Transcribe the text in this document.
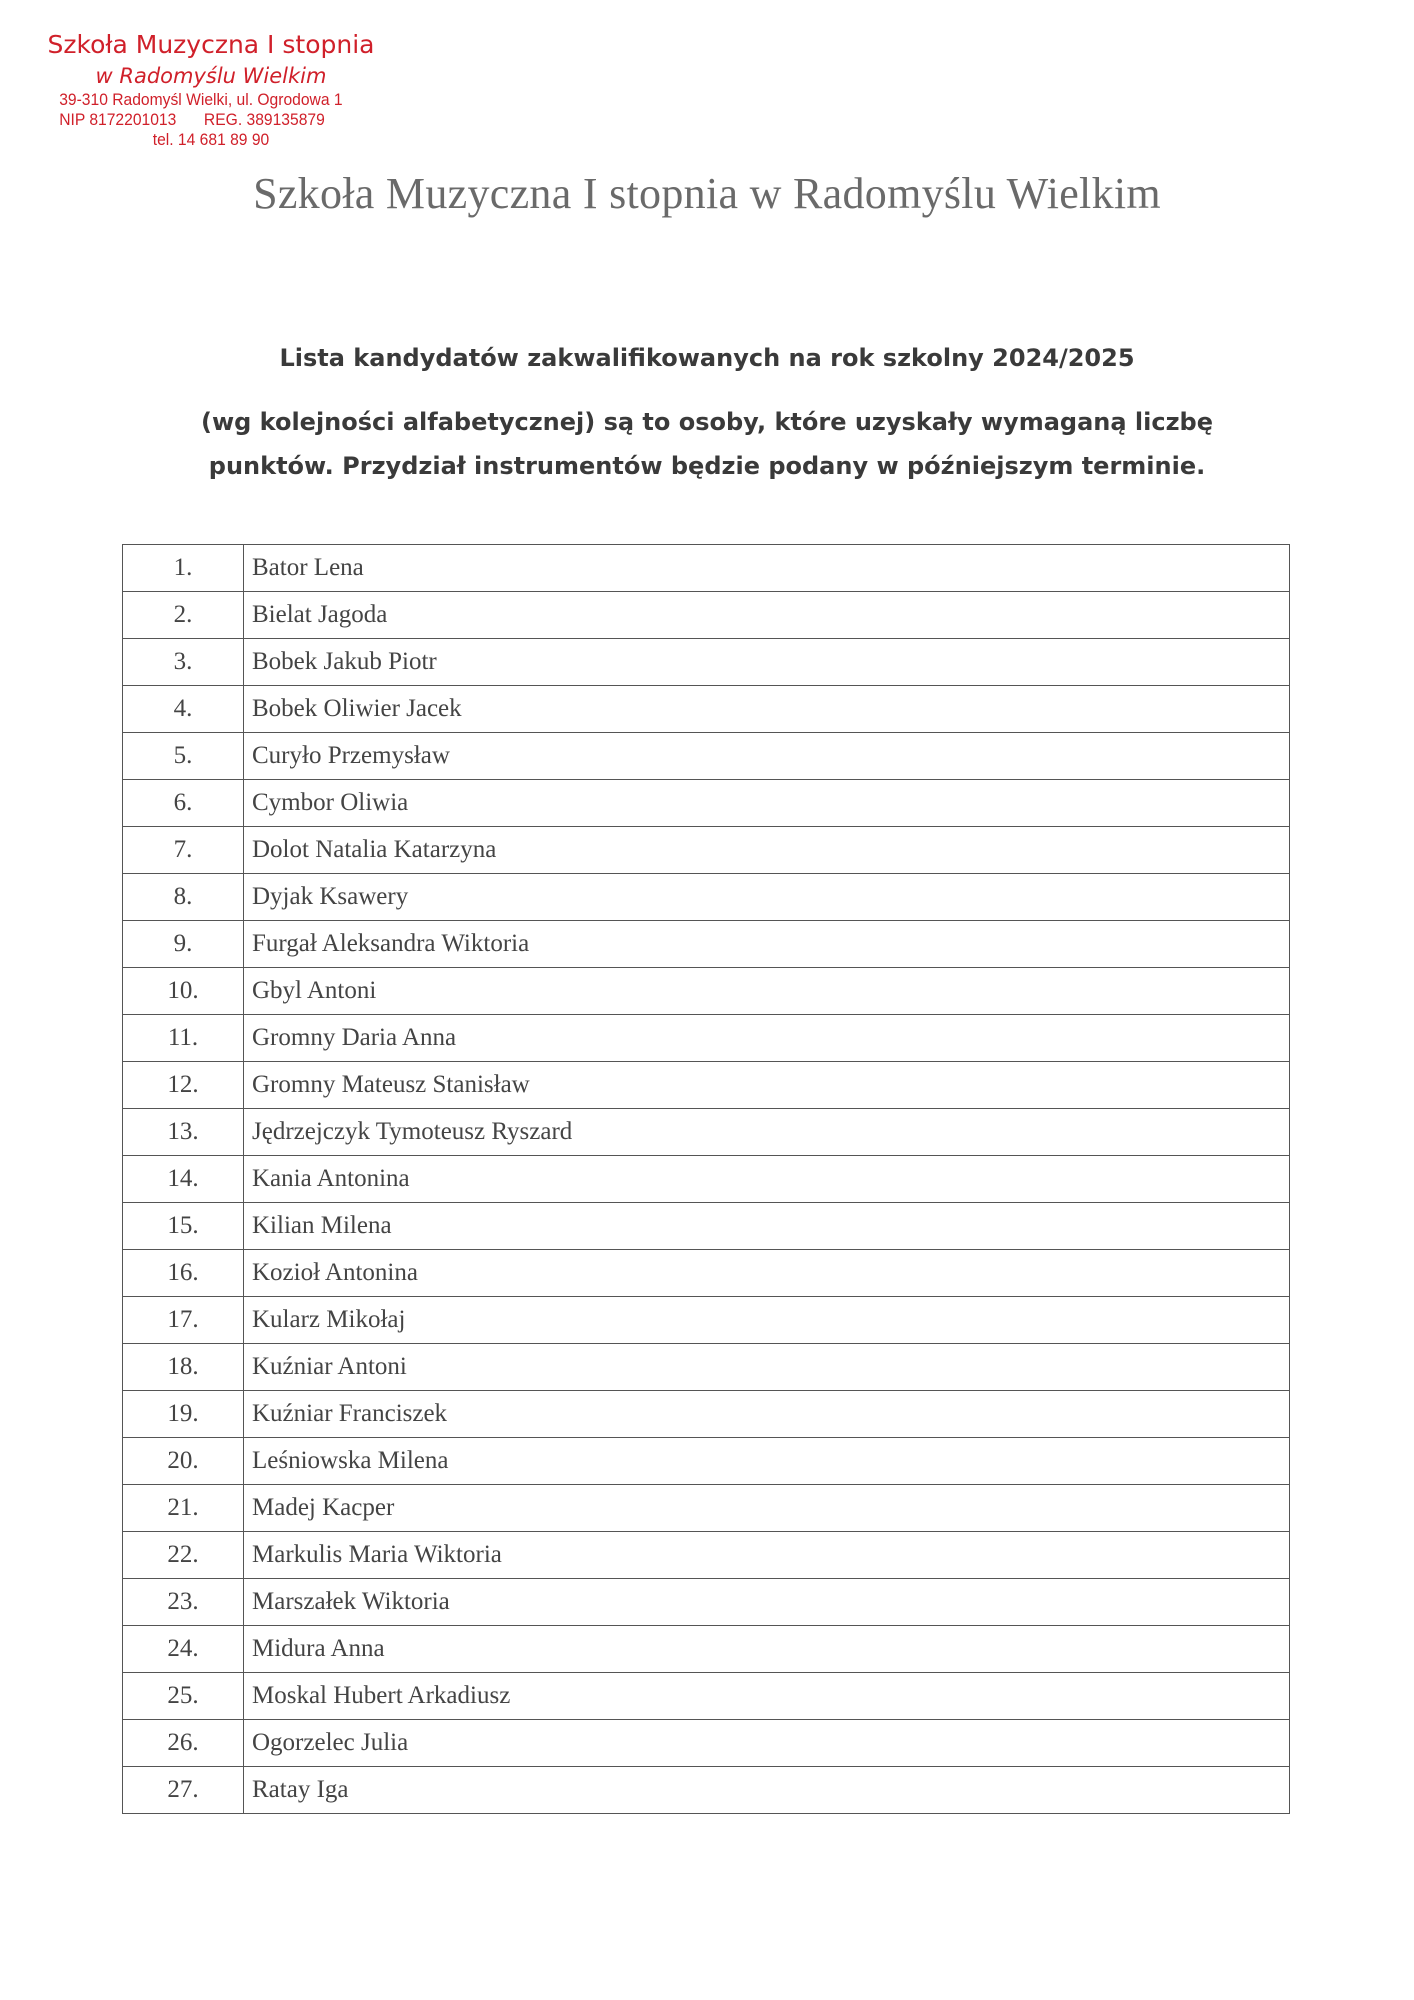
Szkoła Muzyczna I stopnia
w Radomyślu Wielkim
39-310 Radomyśl Wielki, ul. Ogrodowa 1
NIP 8172201013 REG. 389135879
tel. 14 681 89 90
Szkoła Muzyczna I stopnia w Radomyślu Wielkim
Lista kandydatów zakwalifikowanych na rok szkolny 2024/2025
(wg kolejności alfabetycznej) są to osoby, które uzyskały wymaganą liczbę
punktów. Przydział instrumentów będzie podany w późniejszym terminie.
1.	Bator Lena
2.	Bielat Jagoda
3.	Bobek Jakub Piotr
4.	Bobek Oliwier Jacek
5.	Curyło Przemysław
6.	Cymbor Oliwia
7.	Dolot Natalia Katarzyna
8.	Dyjak Ksawery
9.	Furgał Aleksandra Wiktoria
10.	Gbyl Antoni
11.	Gromny Daria Anna
12.	Gromny Mateusz Stanisław
13.	Jędrzejczyk Tymoteusz Ryszard
14.	Kania Antonina
15.	Kilian Milena
16.	Kozioł Antonina
17.	Kularz Mikołaj
18.	Kuźniar Antoni
19.	Kuźniar Franciszek
20.	Leśniowska Milena
21.	Madej Kacper
22.	Markulis Maria Wiktoria
23.	Marszałek Wiktoria
24.	Midura Anna
25.	Moskal Hubert Arkadiusz
26.	Ogorzelec Julia
27.	Ratay Iga
